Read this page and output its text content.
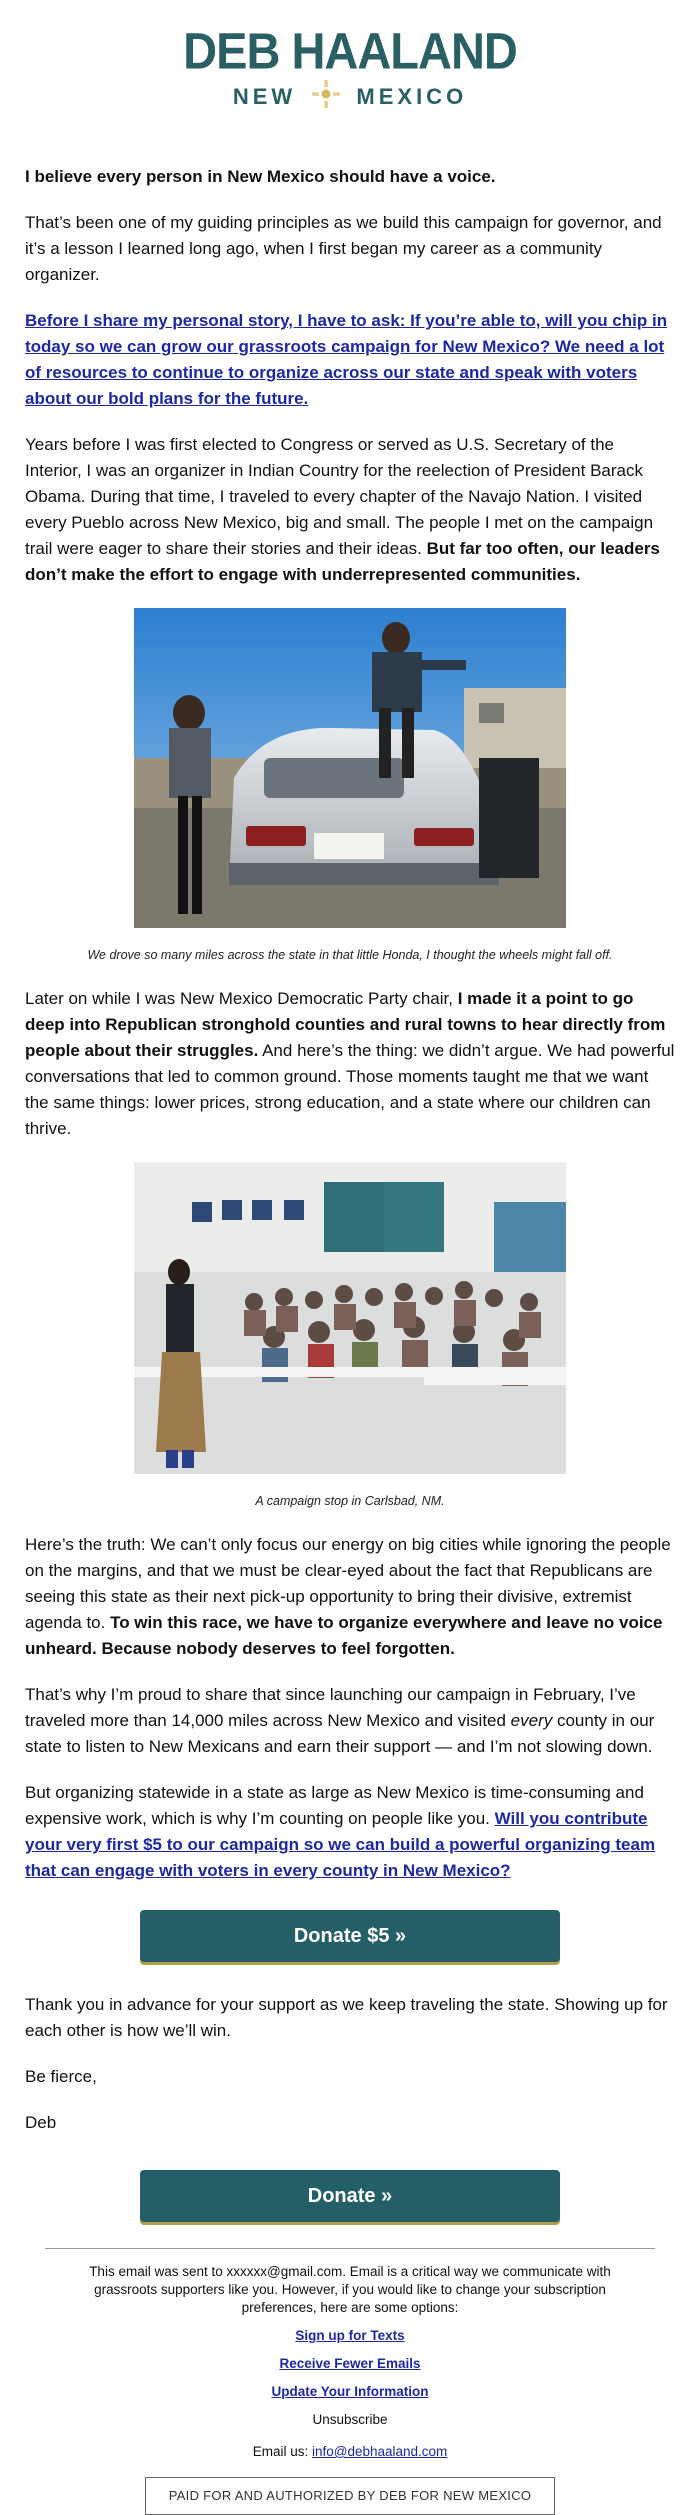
DEB HAALAND
NEW	MEXICO

I believe every person in New Mexico should have a voice.

That’s been one of my guiding principles as we build this campaign for governor, and it’s a lesson I learned long ago, when I first began my career as a community organizer.

Before I share my personal story, I have to ask: If you’re able to, will you chip in today so we can grow our grassroots campaign for New Mexico? We need a lot of resources to continue to organize across our state and speak with voters about our bold plans for the future.

Years before I was first elected to Congress or served as U.S. Secretary of the Interior, I was an organizer in Indian Country for the reelection of President Barack Obama. During that time, I traveled to every chapter of the Navajo Nation. I visited every Pueblo across New Mexico, big and small. The people I met on the campaign trail were eager to share their stories and their ideas. But far too often, our leaders don’t make the effort to engage with underrepresented communities.

We drove so many miles across the state in that little Honda, I thought the wheels might fall off.

Later on while I was New Mexico Democratic Party chair, I made it a point to go deep into Republican stronghold counties and rural towns to hear directly from people about their struggles. And here’s the thing: we didn’t argue. We had powerful conversations that led to common ground. Those moments taught me that we want the same things: lower prices, strong education, and a state where our children can thrive.

A campaign stop in Carlsbad, NM.

Here’s the truth: We can’t only focus our energy on big cities while ignoring the people on the margins, and that we must be clear-eyed about the fact that Republicans are seeing this state as their next pick-up opportunity to bring their divisive, extremist agenda to. To win this race, we have to organize everywhere and leave no voice unheard. Because nobody deserves to feel forgotten.

That’s why I’m proud to share that since launching our campaign in February, I’ve traveled more than 14,000 miles across New Mexico and visited every county in our state to listen to New Mexicans and earn their support — and I’m not slowing down.

But organizing statewide in a state as large as New Mexico is time-consuming and expensive work, which is why I’m counting on people like you. Will you contribute your very first $5 to our campaign so we can build a powerful organizing team that can engage with voters in every county in New Mexico?

Donate $5 »

Thank you in advance for your support as we keep traveling the state. Showing up for each other is how we’ll win.

Be fierce,

Deb

Donate »
This email was sent to xxxxxx@gmail.com. Email is a critical way we communicate with grassroots supporters like you. However, if you would like to change your subscription preferences, here are some options:
Sign up for Texts
Receive Fewer Emails
Update Your Information
Unsubscribe
Email us: info@debhaaland.com
PAID FOR AND AUTHORIZED BY DEB FOR NEW MEXICO
